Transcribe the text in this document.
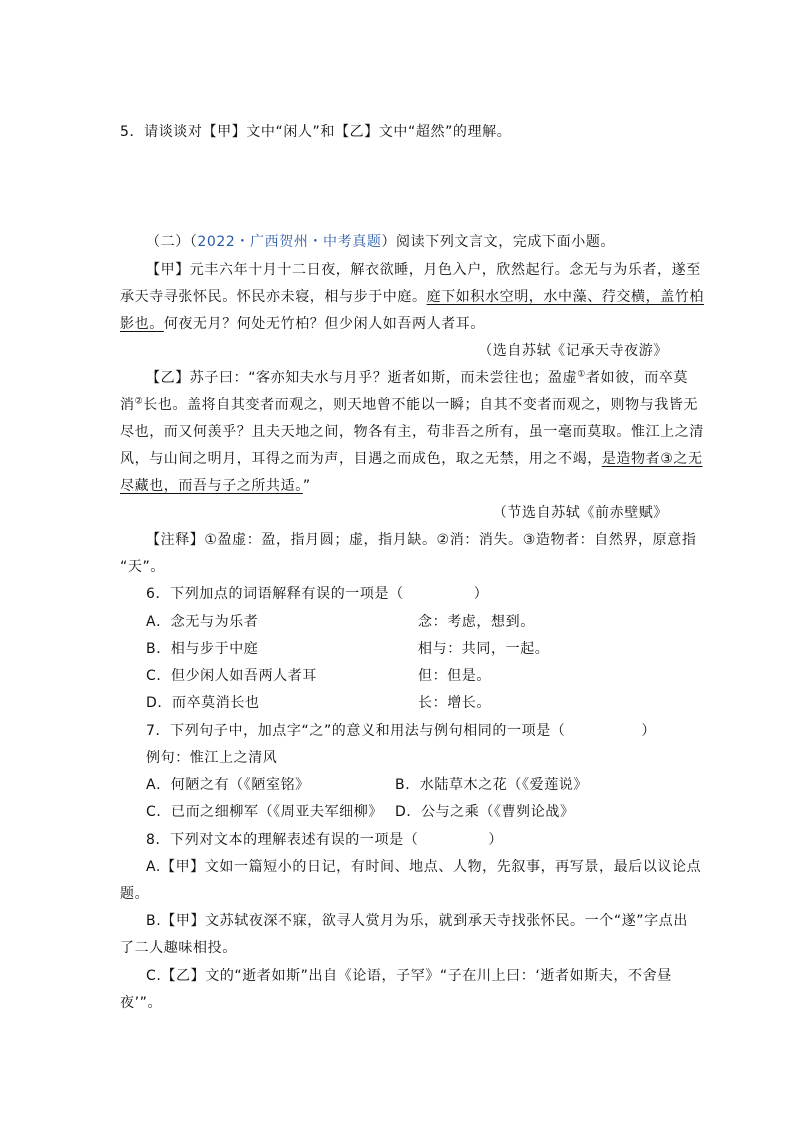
5．请谈谈对【甲】文中“闲人”和【乙】文中“超然”的理解。
（二）（2022・广西贺州・中考真题）阅读下列文言文，完成下面小题。
【甲】元丰六年十月十二日夜，解衣欲睡，月色入户，欣然起行。念无与为乐者，遂至
承天寺寻张怀民。怀民亦未寝，相与步于中庭。庭下如积水空明，水中藻、荇交横，盖竹柏
影也。何夜无月？何处无竹柏？但少闲人如吾两人者耳。
（选自苏轼《记承天寺夜游》
【乙】苏子曰：“客亦知夫水与月乎？逝者如斯，而未尝往也；盈虚①者如彼，而卒莫
消②长也。盖将自其变者而观之，则天地曾不能以一瞬；自其不变者而观之，则物与我皆无
尽也，而又何羡乎？且夫天地之间，物各有主，苟非吾之所有，虽一毫而莫取。惟江上之清
风，与山间之明月，耳得之而为声，目遇之而成色，取之无禁，用之不竭，是造物者③之无
尽藏也，而吾与子之所共适。”
（节选自苏轼《前赤壁赋》
【注释】①盈虚：盈，指月圆；虚，指月缺。②消：消失。③造物者：自然界，原意指
“天”。
6．下列加点的词语解释有误的一项是（	）
A．念无与为乐者	念：考虑，想到。
B．相与步于中庭	相与：共同，一起。
C．但少闲人如吾两人者耳	但：但是。
D．而卒莫消长也	长：增长。
7．下列句子中，加点字“之”的意义和用法与例句相同的一项是（	）
例句：惟江上之清风
A．何陋之有（《陋室铭》	B．水陆草木之花（《爱莲说》
C．已而之细柳军（《周亚夫军细柳》 D．公与之乘（《曹刿论战》
8．下列对文本的理解表述有误的一项是（	）
A.【甲】文如一篇短小的日记，有时间、地点、人物，先叙事，再写景，最后以议论点
题。
B.【甲】文苏轼夜深不寐，欲寻人赏月为乐，就到承天寺找张怀民。一个“遂”字点出
了二人趣味相投。
C.【乙】文的“逝者如斯”出自《论语，子罕》“子在川上曰：‘逝者如斯夫，不舍昼
夜’”。
